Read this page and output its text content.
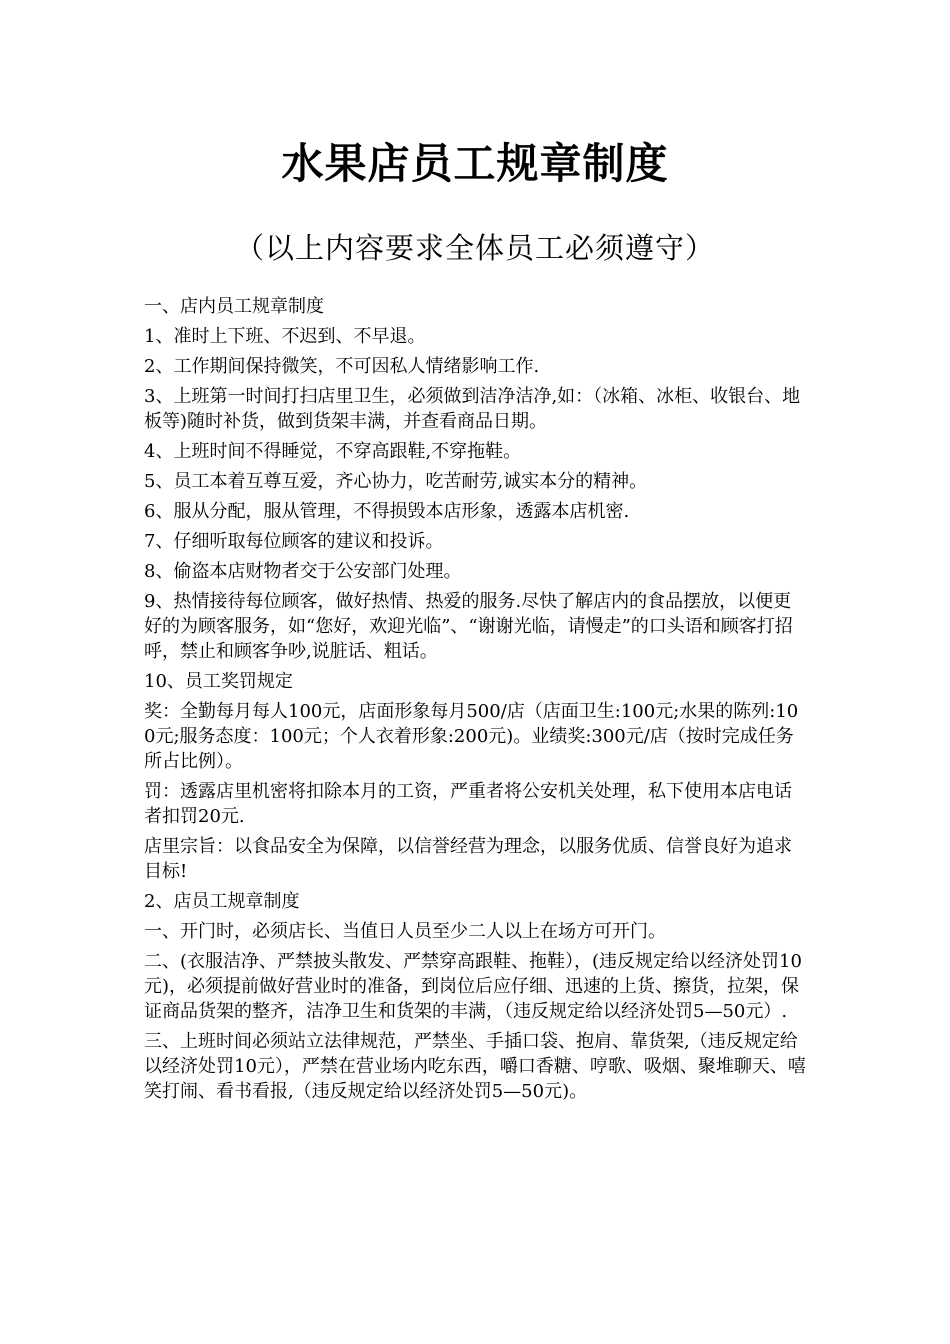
水果店员工规章制度
（以上内容要求全体员工必须遵守）

一、店内员工规章制度

1、准时上下班、不迟到、不早退。

2、工作期间保持微笑，不可因私人情绪影响工作.

3、上班第一时间打扫店里卫生，必须做到洁净洁净,如：（冰箱、冰柜、收银台、地板等)随时补货，做到货架丰满，并查看商品日期。

4、上班时间不得睡觉，不穿高跟鞋,不穿拖鞋。

5、员工本着互尊互爱，齐心协力，吃苦耐劳,诚实本分的精神。

6、服从分配，服从管理，不得损毁本店形象，透露本店机密.

7、仔细听取每位顾客的建议和投诉。

8、偷盗本店财物者交于公安部门处理。

9、热情接待每位顾客，做好热情、热爱的服务.尽快了解店内的食品摆放，以便更好的为顾客服务，如“您好，欢迎光临”、“谢谢光临，请慢走”的口头语和顾客打招呼，禁止和顾客争吵,说脏话、粗话。

10、员工奖罚规定

奖：全勤每月每人100元，店面形象每月500/店（店面卫生:100元;水果的陈列:100元;服务态度：100元；个人衣着形象:200元)。业绩奖:300元/店（按时完成任务所占比例）。

罚：透露店里机密将扣除本月的工资，严重者将公安机关处理，私下使用本店电话者扣罚20元.

店里宗旨：以食品安全为保障，以信誉经营为理念，以服务优质、信誉良好为追求目标!

2、店员工规章制度

一、开门时，必须店长、当值日人员至少二人以上在场方可开门。

二、(衣服洁净、严禁披头散发、严禁穿高跟鞋、拖鞋），(违反规定给以经济处罚10元)，必须提前做好营业时的准备，到岗位后应仔细、迅速的上货、擦货，拉架，保证商品货架的整齐，洁净卫生和货架的丰满，（违反规定给以经济处罚5—50元）.

三、上班时间必须站立法律规范，严禁坐、手插口袋、抱肩、靠货架,（违反规定给以经济处罚10元），严禁在营业场内吃东西，嚼口香糖、哼歌、吸烟、聚堆聊天、嘻笑打闹、看书看报,（违反规定给以经济处罚5—50元)。
